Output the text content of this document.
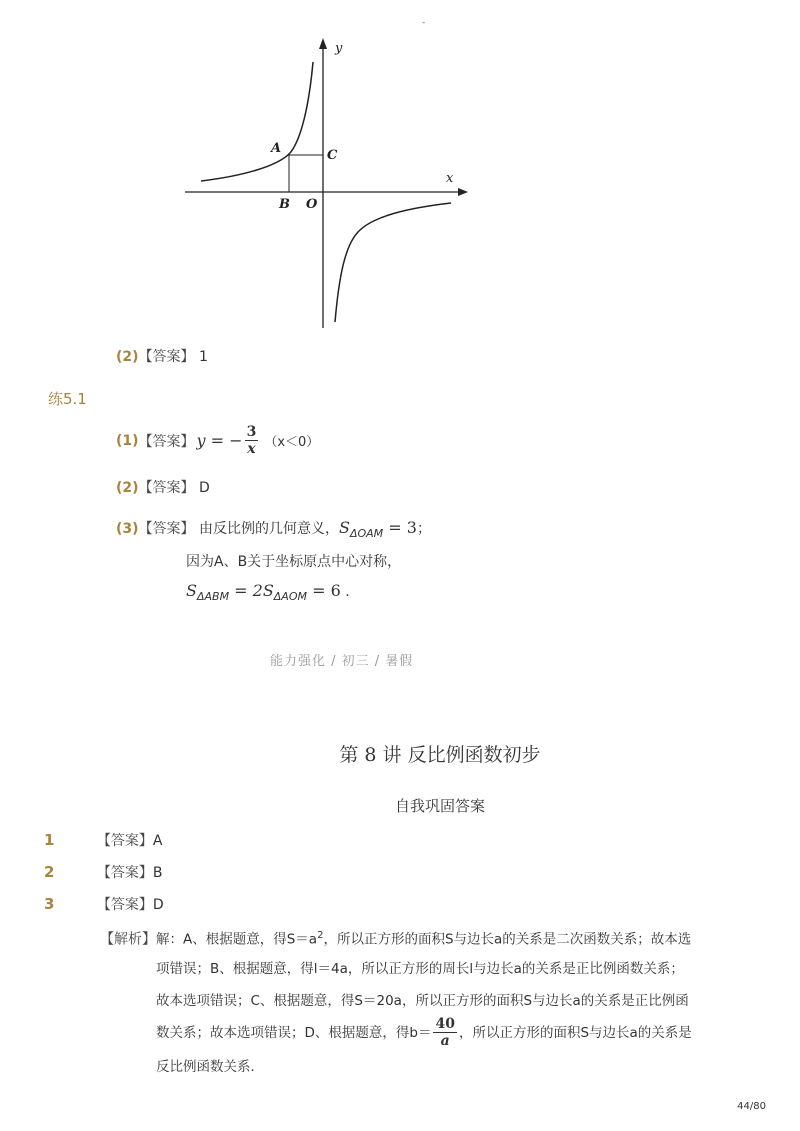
-
y
x
A
B
C
O
(2)【答案】 1
练5.1
(1) 【答案】 y = − $\frac{3}{x} (x<0)$
(2)【答案】 D
(3)【答案】 由反比例的几何意义，$S_{\Delta OAM} = 3$；
因为A、B关于坐标原点中心对称，
$S_{\Delta ABM} = 2S_{\Delta AOM} = 6$ .
能力强化 / 初三 / 暑假
第 8 讲 反比例函数初步
自我巩固答案
1	【答案】A
2	【答案】B
3	【答案】D
【解析】解：A、根据题意，得$S=a^2$，所以正方形的面积S与边长a的关系是二次函数关系；故本选
项错误；B、根据题意，得l＝4a，所以正方形的周长l与边长a的关系是正比例函数关系；
故本选项错误；C、根据题意，得S＝20a，所以正方形的面积S与边长a的关系是正比例函
数关系；故本选项错误；D、根据题意，得$b= \frac{40}{a}$ ，所以正方形的面积S与边长a的关系是
反比例函数关系．
44/80
